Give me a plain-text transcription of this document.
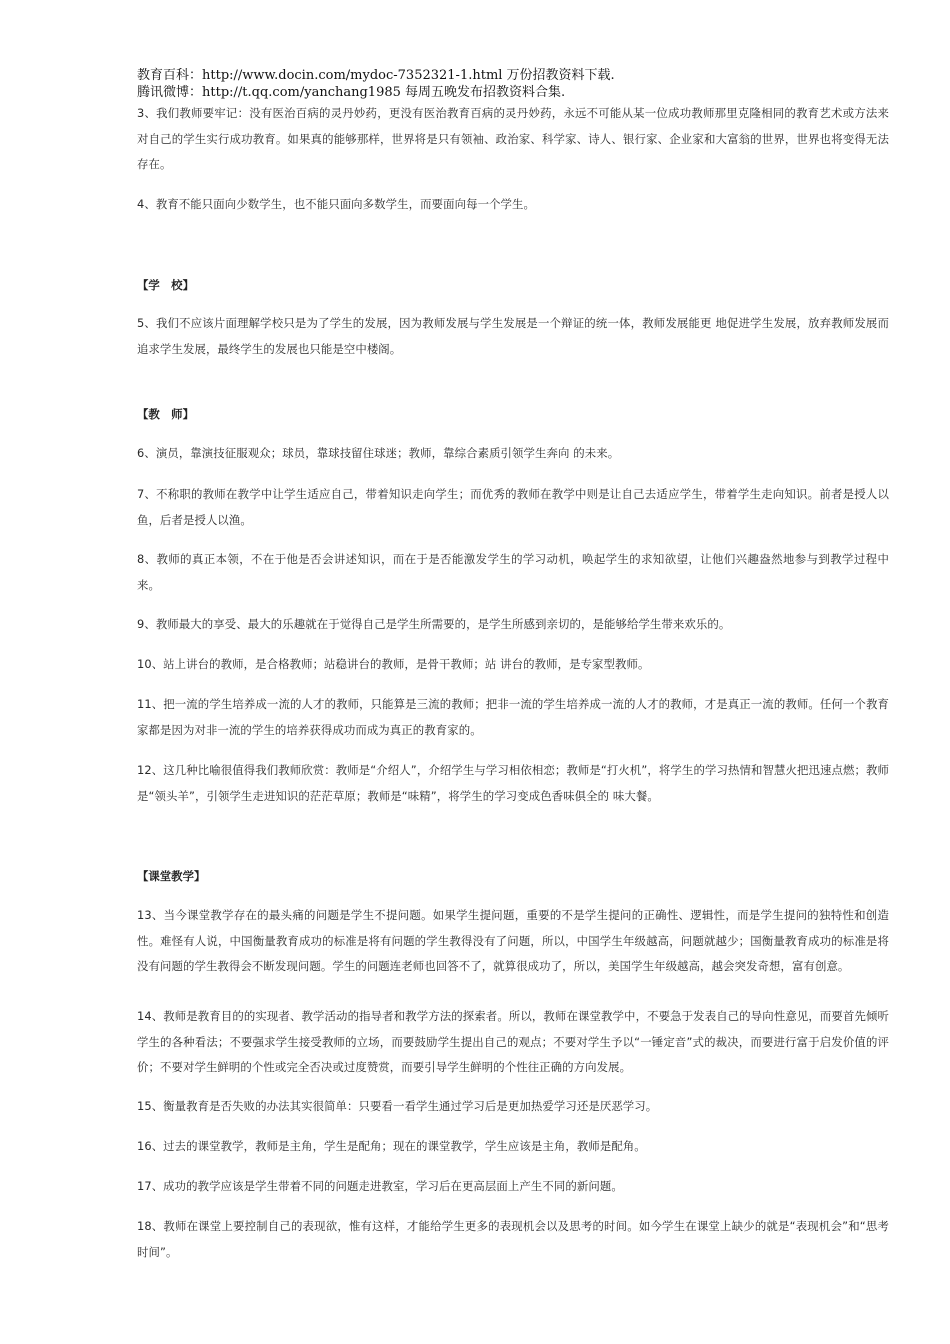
教育百科：http://www.docin.com/mydoc-7352321-1.html 万份招教资料下载.
腾讯微博：http://t.qq.com/yanchang1985 每周五晚发布招教资料合集.
3、我们教师要牢记：没有医治百病的灵丹妙药，更没有医治教育百病的灵丹妙药，永远不可能从某一位成功教师那里克隆相同的教育艺术或方法来对自己的学生实行成功教育。如果真的能够那样，世界将是只有领袖、政治家、科学家、诗人、银行家、企业家和大富翁的世界，世界也将变得无法存在。
4、教育不能只面向少数学生，也不能只面向多数学生，而要面向每一个学生。
【学　校】
5、我们不应该片面理解学校只是为了学生的发展，因为教师发展与学生发展是一个辩证的统一体，教师发展能更 地促进学生发展，放弃教师发展而追求学生发展，最终学生的发展也只能是空中楼阁。
【教　师】
6、演员，靠演技征服观众；球员，靠球技留住球迷；教师，靠综合素质引领学生奔向 的未来。
7、不称职的教师在教学中让学生适应自己，带着知识走向学生；而优秀的教师在教学中则是让自己去适应学生，带着学生走向知识。前者是授人以鱼，后者是授人以渔。
8、教师的真正本领，不在于他是否会讲述知识，而在于是否能激发学生的学习动机，唤起学生的求知欲望，让他们兴趣盎然地参与到教学过程中来。
9、教师最大的享受、最大的乐趣就在于觉得自己是学生所需要的，是学生所感到亲切的，是能够给学生带来欢乐的。
10、站上讲台的教师，是合格教师；站稳讲台的教师，是骨干教师；站 讲台的教师，是专家型教师。
11、把一流的学生培养成一流的人才的教师，只能算是三流的教师；把非一流的学生培养成一流的人才的教师，才是真正一流的教师。任何一个教育家都是因为对非一流的学生的培养获得成功而成为真正的教育家的。
12、这几种比喻很值得我们教师欣赏：教师是“介绍人”，介绍学生与学习相依相恋；教师是“打火机”，将学生的学习热情和智慧火把迅速点燃；教师是“领头羊”，引领学生走进知识的茫茫草原；教师是“味精”，将学生的学习变成色香味俱全的 味大餐。
【课堂教学】
13、当今课堂教学存在的最头痛的问题是学生不提问题。如果学生提问题，重要的不是学生提问的正确性、逻辑性，而是学生提问的独特性和创造性。难怪有人说，中国衡量教育成功的标准是将有问题的学生教得没有了问题，所以，中国学生年级越高，问题就越少；国衡量教育成功的标准是将没有问题的学生教得会不断发现问题。学生的问题连老师也回答不了，就算很成功了，所以，美国学生年级越高，越会突发奇想，富有创意。
14、教师是教育目的的实现者、教学活动的指导者和教学方法的探索者。所以，教师在课堂教学中，不要急于发表自己的导向性意见，而要首先倾听学生的各种看法；不要强求学生接受教师的立场，而要鼓励学生提出自己的观点；不要对学生予以“一锤定音”式的裁决，而要进行富于启发价值的评价；不要对学生鲜明的个性或完全否决或过度赞赏，而要引导学生鲜明的个性往正确的方向发展。
15、衡量教育是否失败的办法其实很简单：只要看一看学生通过学习后是更加热爱学习还是厌恶学习。
16、过去的课堂教学，教师是主角，学生是配角；现在的课堂教学，学生应该是主角，教师是配角。
17、成功的教学应该是学生带着不同的问题走进教室，学习后在更高层面上产生不同的新问题。
18、教师在课堂上要控制自己的表现欲，惟有这样，才能给学生更多的表现机会以及思考的时间。如今学生在课堂上缺少的就是“表现机会”和“思考时间”。
